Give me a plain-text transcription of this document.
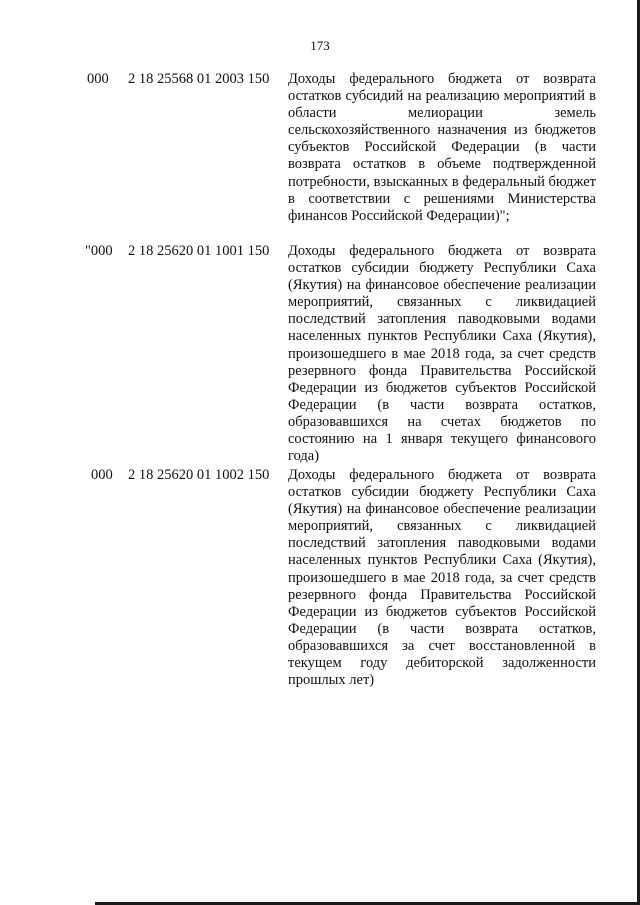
173
000 2 18 25568 01 2003 150 Доходы федерального бюджета от возврата остатков субсидий на реализацию мероприятий в области мелиорации земель сельскохозяйственного назначения из бюджетов субъектов Российской Федерации (в части возврата остатков в объеме подтвержденной потребности, взысканных в федеральный бюджет в соответствии с решениями Министерства финансов Российской Федерации)";
"000 2 18 25620 01 1001 150 Доходы федерального бюджета от возврата остатков субсидии бюджету Республики Саха (Якутия) на финансовое обеспечение реализации мероприятий, связанных с ликвидацией последствий затопления паводковыми водами населенных пунктов Республики Саха (Якутия), произошедшего в мае 2018 года, за счет средств резервного фонда Правительства Российской Федерации из бюджетов субъектов Российской Федерации (в части возврата остатков, образовавшихся на счетах бюджетов по состоянию на 1 января текущего финансового года)
000 2 18 25620 01 1002 150 Доходы федерального бюджета от возврата остатков субсидии бюджету Республики Саха (Якутия) на финансовое обеспечение реализации мероприятий, связанных с ликвидацией последствий затопления паводковыми водами населенных пунктов Республики Саха (Якутия), произошедшего в мае 2018 года, за счет средств резервного фонда Правительства Российской Федерации из бюджетов субъектов Российской Федерации (в части возврата остатков, образовавшихся за счет восстановленной в текущем году дебиторской задолженности прошлых лет)
